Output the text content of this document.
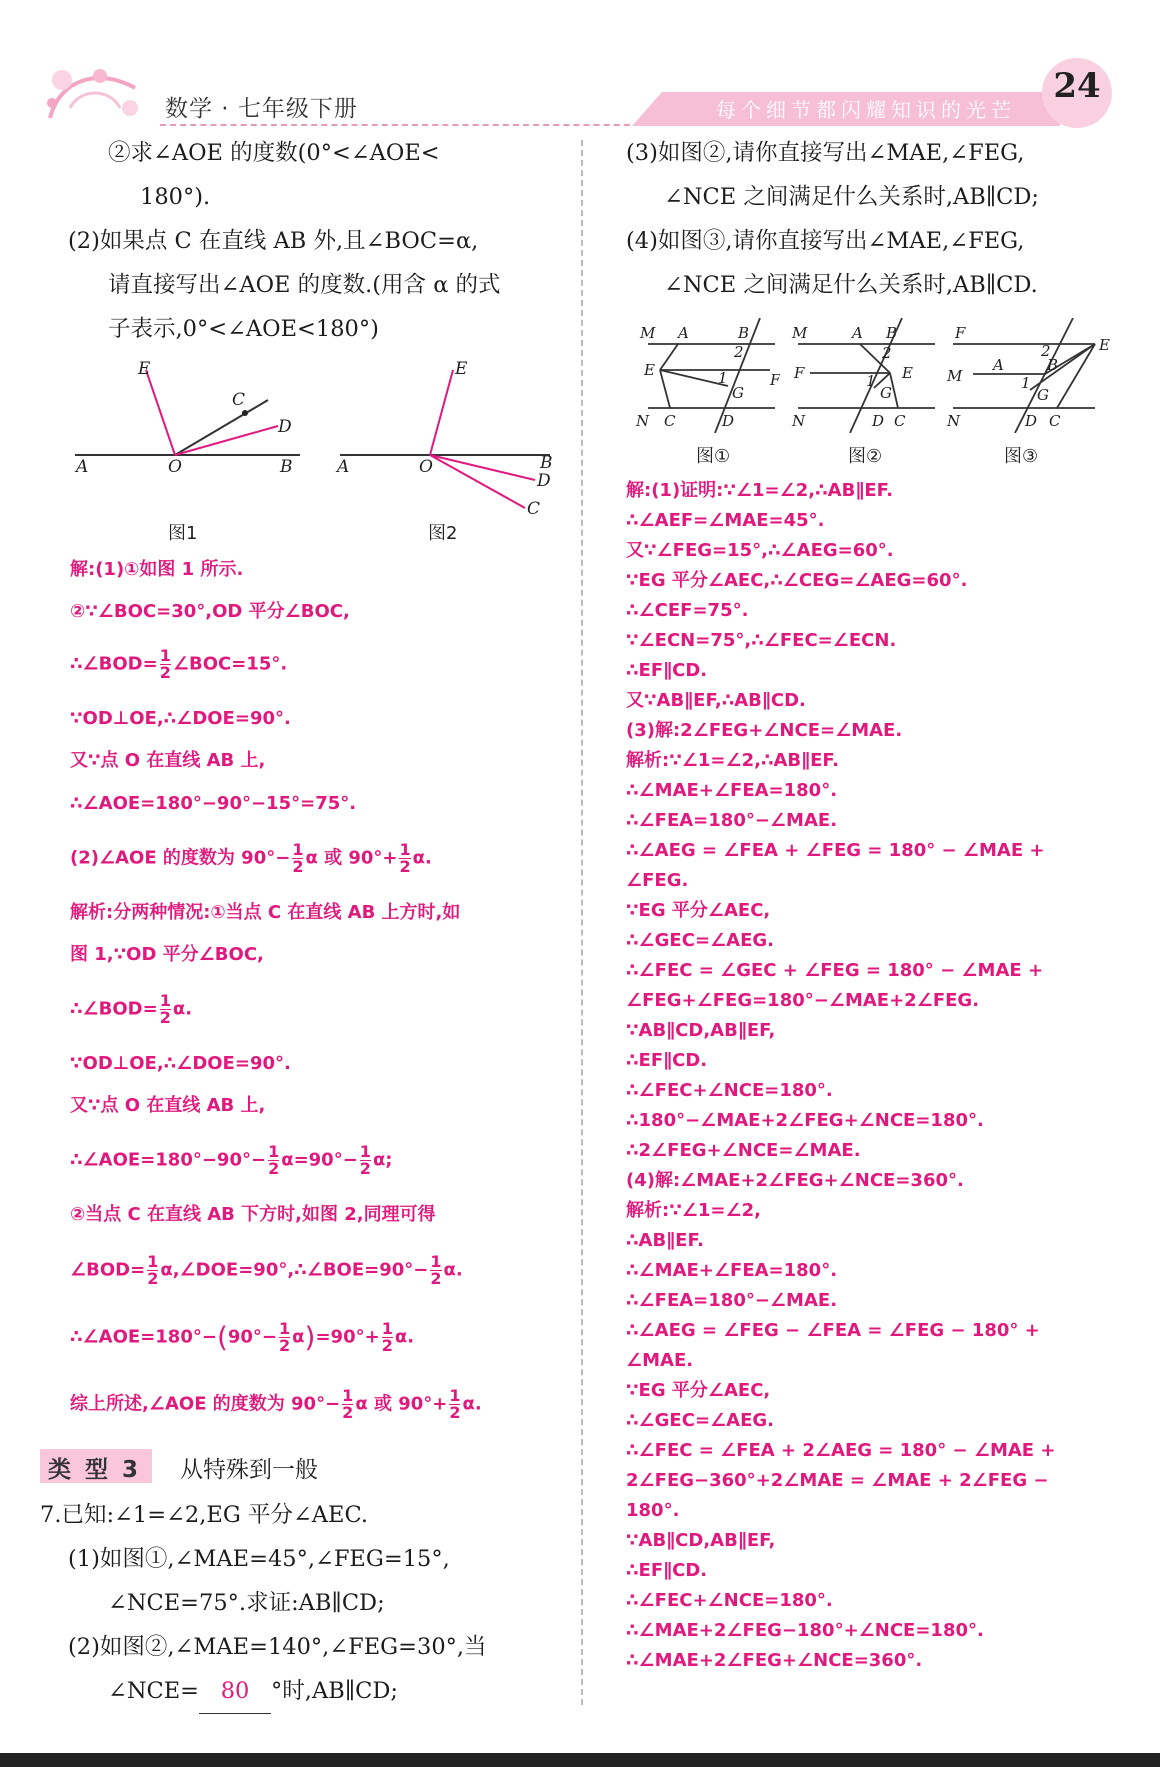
数学 · 七年级下册	每个细节都闪耀知识的光芒
24
②求∠AOE 的度数(0°<∠AOE<
180°).
(2)如果点 C 在直线 AB 外,且∠BOC=α,
请直接写出∠AOE 的度数.(用含 α 的式
子表示,0°<∠AOE<180°)
E
C
D
A	O	B
图1
E
A	O	B
D
C
图2
解:(1)①如图 1 所示.
②∵∠BOC=30°,OD 平分∠BOC,
∴∠BOD= $\frac{1}{2}$ ∠BOC=15°.
∵OD⊥OE,∴∠DOE=90°.
又∵点 O 在直线 AB 上,
∴∠AOE=180°−90°−15°=75°.
(2)∠AOE 的度数为 $90^\circ- \frac{1}{2}$ α 或 $90^\circ+ \frac{1}{2} \alpha$.
解析:分两种情况:①当点 C 在直线 AB 上方时,如
图 1,∵OD 平分∠BOC,
∴∠BOD= $\frac{1}{2} \alpha$.
∵OD⊥OE,∴∠DOE=90°.
又∵点 O 在直线 AB 上,
∴∠AOE=180°−90°− $\frac{1}{2} \alpha=90^\circ- \frac{1}{2} \alpha$;
②当点 C 在直线 AB 下方时,如图 2,同理可得
∠BOD= $\frac{1}{2}$ α,∠DOE=90°,∴∠BOE=90°− $\frac{1}{2} \alpha$.
∴∠AOE=180°−(90°− $\frac{1}{2} \alpha)=90^\circ+ \frac{1}{2} \alpha$.
综上所述,∠AOE 的度数为 $90^\circ- \frac{1}{2}$ α 或 $90^\circ+ \frac{1}{2} \alpha$.
类 型 3 从特殊到一般
7.已知:∠1=∠2,EG 平分∠AEC.
(1)如图①,∠MAE=45°,∠FEG=15°,
∠NCE=75°.求证:AB∥CD;
(2)如图②,∠MAE=140°,∠FEG=30°,当
∠NCE= 80 °时,AB∥CD;
(3)如图②,请你直接写出∠MAE,∠FEG,
∠NCE 之间满足什么关系时,AB∥CD;
(4)如图③,请你直接写出∠MAE,∠FEG,
∠NCE 之间满足什么关系时,AB∥CD.
M A	B
E
F
2
1
G
N C	D
M	A B
F	E
2
1
G
N	D C
F
E
M
A	B
2
1
G
N	D C
图①	图②	图③
解:(1)证明:∵∠1=∠2,∴AB∥EF.
∴∠AEF=∠MAE=45°.
又∵∠FEG=15°,∴∠AEG=60°.
∵EG 平分∠AEC,∴∠CEG=∠AEG=60°.
∴∠CEF=75°.
∵∠ECN=75°,∴∠FEC=∠ECN.
∴EF∥CD.
又∵AB∥EF,∴AB∥CD.
(3)解:2∠FEG+∠NCE=∠MAE.
解析:∵∠1=∠2,∴AB∥EF.
∴∠MAE+∠FEA=180°.
∴∠FEA=180°−∠MAE.
∴∠AEG = ∠FEA + ∠FEG = 180° − ∠MAE +
∠FEG.
∵EG 平分∠AEC,
∴∠GEC=∠AEG.
∴∠FEC = ∠GEC + ∠FEG = 180° − ∠MAE +
∠FEG+∠FEG=180°−∠MAE+2∠FEG.
∵AB∥CD,AB∥EF,
∴EF∥CD.
∴∠FEC+∠NCE=180°.
∴180°−∠MAE+2∠FEG+∠NCE=180°.
∴2∠FEG+∠NCE=∠MAE.
(4)解:∠MAE+2∠FEG+∠NCE=360°.
解析:∵∠1=∠2,
∴AB∥EF.
∴∠MAE+∠FEA=180°.
∴∠FEA=180°−∠MAE.
∴∠AEG = ∠FEG − ∠FEA = ∠FEG − 180° +
∠MAE.
∵EG 平分∠AEC,
∴∠GEC=∠AEG.
∴∠FEC = ∠FEA + 2∠AEG = 180° − ∠MAE +
2∠FEG−360°+2∠MAE = ∠MAE + 2∠FEG −
180°.
∵AB∥CD,AB∥EF,
∴EF∥CD.
∴∠FEC+∠NCE=180°.
∴∠MAE+2∠FEG−180°+∠NCE=180°.
∴∠MAE+2∠FEG+∠NCE=360°.
